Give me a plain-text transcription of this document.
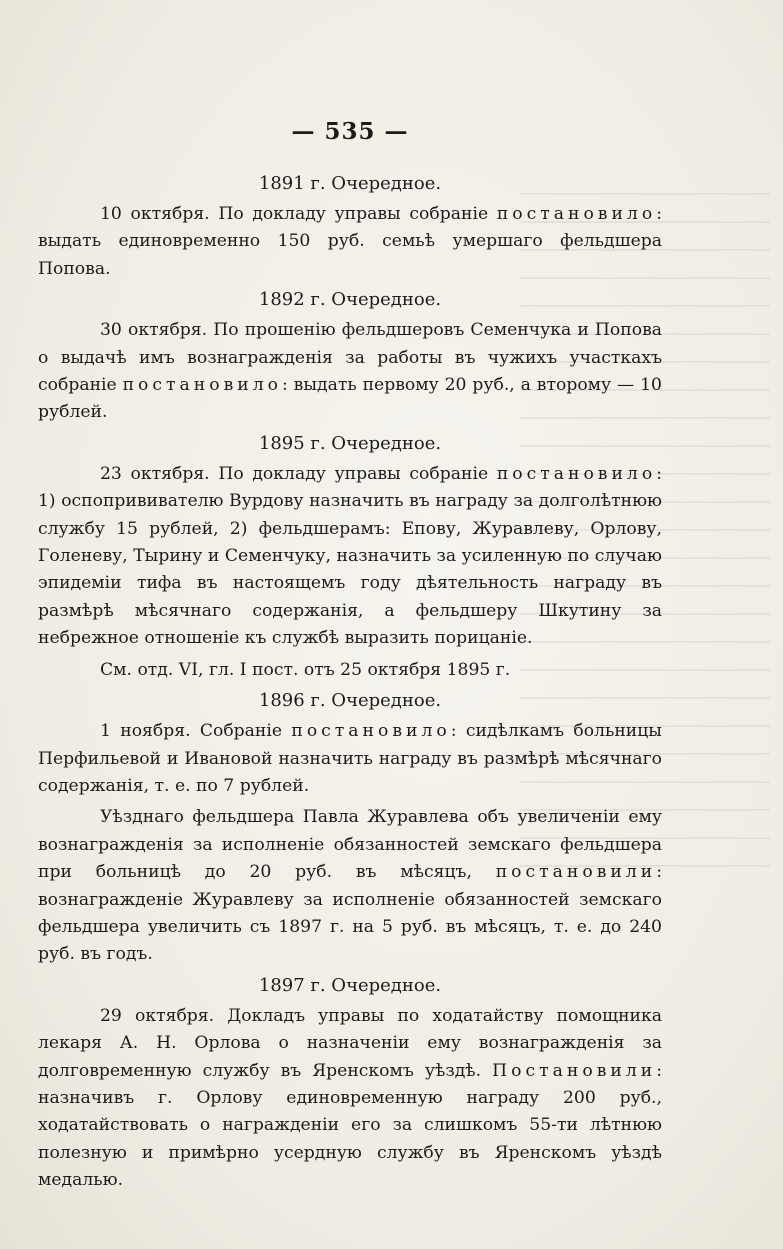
— 535 —
1891 г. Очередное.

10 октября. По докладу управы собраніе постановило: выдать единовременно 150 руб. семьѣ умершаго фельдшера Попова.

1892 г. Очередное.

30 октября. По прошенію фельдшеровъ Семенчука и Попова о выдачѣ имъ вознагражденія за работы въ чужихъ участкахъ собраніе постановило: выдать первому 20 руб., а второму — 10 рублей.

1895 г. Очередное.

23 октября. По докладу управы собраніе постановило: 1) оспопрививателю Вурдову назначить въ награду за долголѣтнюю службу 15 рублей, 2) фельдшерамъ: Епову, Журавлеву, Орлову, Голеневу, Тырину и Семенчуку, назначить за усиленную по случаю эпидеміи тифа въ настоящемъ году дѣятельность награду въ размѣрѣ мѣсячнаго содержанія, а фельдшеру Шкутину за небрежное отношеніе къ службѣ выразить порицаніе.

См. отд. VI, гл. I пост. отъ 25 октября 1895 г.

1896 г. Очередное.

1 ноября. Собраніе постановило: сидѣлкамъ больницы Перфильевой и Ивановой назначить награду въ размѣрѣ мѣсячнаго содержанія, т. е. по 7 рублей.

Уѣзднаго фельдшера Павла Журавлева объ увеличеніи ему вознагражденія за исполненіе обязанностей земскаго фельдшера при больницѣ до 20 руб. въ мѣсяцъ, постановили: вознагражденіе Журавлеву за исполненіе обязанностей земскаго фельдшера увеличить съ 1897 г. на 5 руб. въ мѣсяцъ, т. е. до 240 руб. въ годъ.

1897 г. Очередное.

29 октября. Докладъ управы по ходатайству помощника лекаря А. Н. Орлова о назначеніи ему вознагражденія за долговременную службу въ Яренскомъ уѣздѣ. Постановили: назначивъ г. Орлову единовременную награду 200 руб., ходатайствовать о награжденіи его за слишкомъ 55-ти лѣтнюю полезную и примѣрно усердную службу въ Яренскомъ уѣздѣ медалью.
